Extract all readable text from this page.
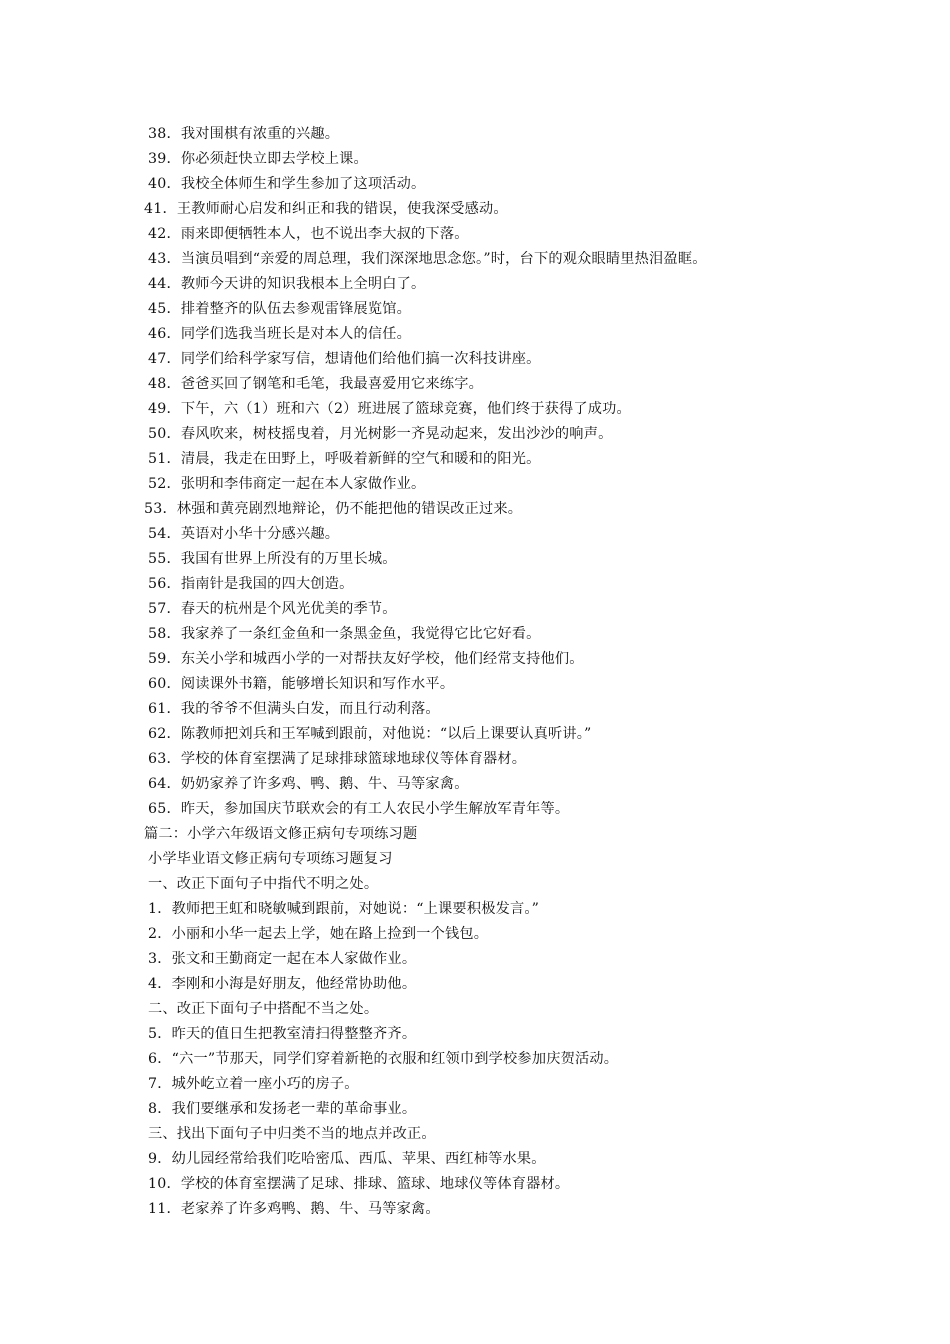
38．我对围棋有浓重的兴趣。
39．你必须赶快立即去学校上课。
40．我校全体师生和学生参加了这项活动。
41．王教师耐心启发和纠正和我的错误，使我深受感动。
42．雨来即便牺牲本人，也不说出李大叔的下落。
43．当演员唱到“亲爱的周总理，我们深深地思念您。”时，台下的观众眼睛里热泪盈眶。
44．教师今天讲的知识我根本上全明白了。
45．排着整齐的队伍去参观雷锋展览馆。
46．同学们选我当班长是对本人的信任。
47．同学们给科学家写信，想请他们给他们搞一次科技讲座。
48．爸爸买回了钢笔和毛笔，我最喜爱用它来练字。
49．下午，六（1）班和六（2）班进展了篮球竞赛，他们终于获得了成功。
50．春风吹来，树枝摇曳着，月光树影一齐晃动起来，发出沙沙的响声。
51．清晨，我走在田野上，呼吸着新鲜的空气和暖和的阳光。
52．张明和李伟商定一起在本人家做作业。
53．林强和黄亮剧烈地辩论，仍不能把他的错误改正过来。
54．英语对小华十分感兴趣。
55．我国有世界上所没有的万里长城。
56．指南针是我国的四大创造。
57．春天的杭州是个风光优美的季节。
58．我家养了一条红金鱼和一条黑金鱼，我觉得它比它好看。
59．东关小学和城西小学的一对帮扶友好学校，他们经常支持他们。
60．阅读课外书籍，能够增长知识和写作水平。
61．我的爷爷不但满头白发，而且行动利落。
62．陈教师把刘兵和王军喊到跟前，对他说：“以后上课要认真听讲。”
63．学校的体育室摆满了足球排球篮球地球仪等体育器材。
64．奶奶家养了许多鸡、鸭、鹅、牛、马等家禽。
65．昨天，参加国庆节联欢会的有工人农民小学生解放军青年等。
篇二：小学六年级语文修正病句专项练习题
小学毕业语文修正病句专项练习题复习
一、改正下面句子中指代不明之处。
1．教师把王虹和晓敏喊到跟前，对她说：“上课要积极发言。”
2．小丽和小华一起去上学，她在路上捡到一个钱包。
3．张文和王勤商定一起在本人家做作业。
4．李刚和小海是好朋友，他经常协助他。
二、改正下面句子中搭配不当之处。
5．昨天的值日生把教室清扫得整整齐齐。
6．“六一”节那天，同学们穿着新艳的衣服和红领巾到学校参加庆贺活动。
7．城外屹立着一座小巧的房子。
8．我们要继承和发扬老一辈的革命事业。
三、找出下面句子中归类不当的地点并改正。
9．幼儿园经常给我们吃哈密瓜、西瓜、苹果、西红柿等水果。
10．学校的体育室摆满了足球、排球、篮球、地球仪等体育器材。
11．老家养了许多鸡鸭、鹅、牛、马等家禽。
